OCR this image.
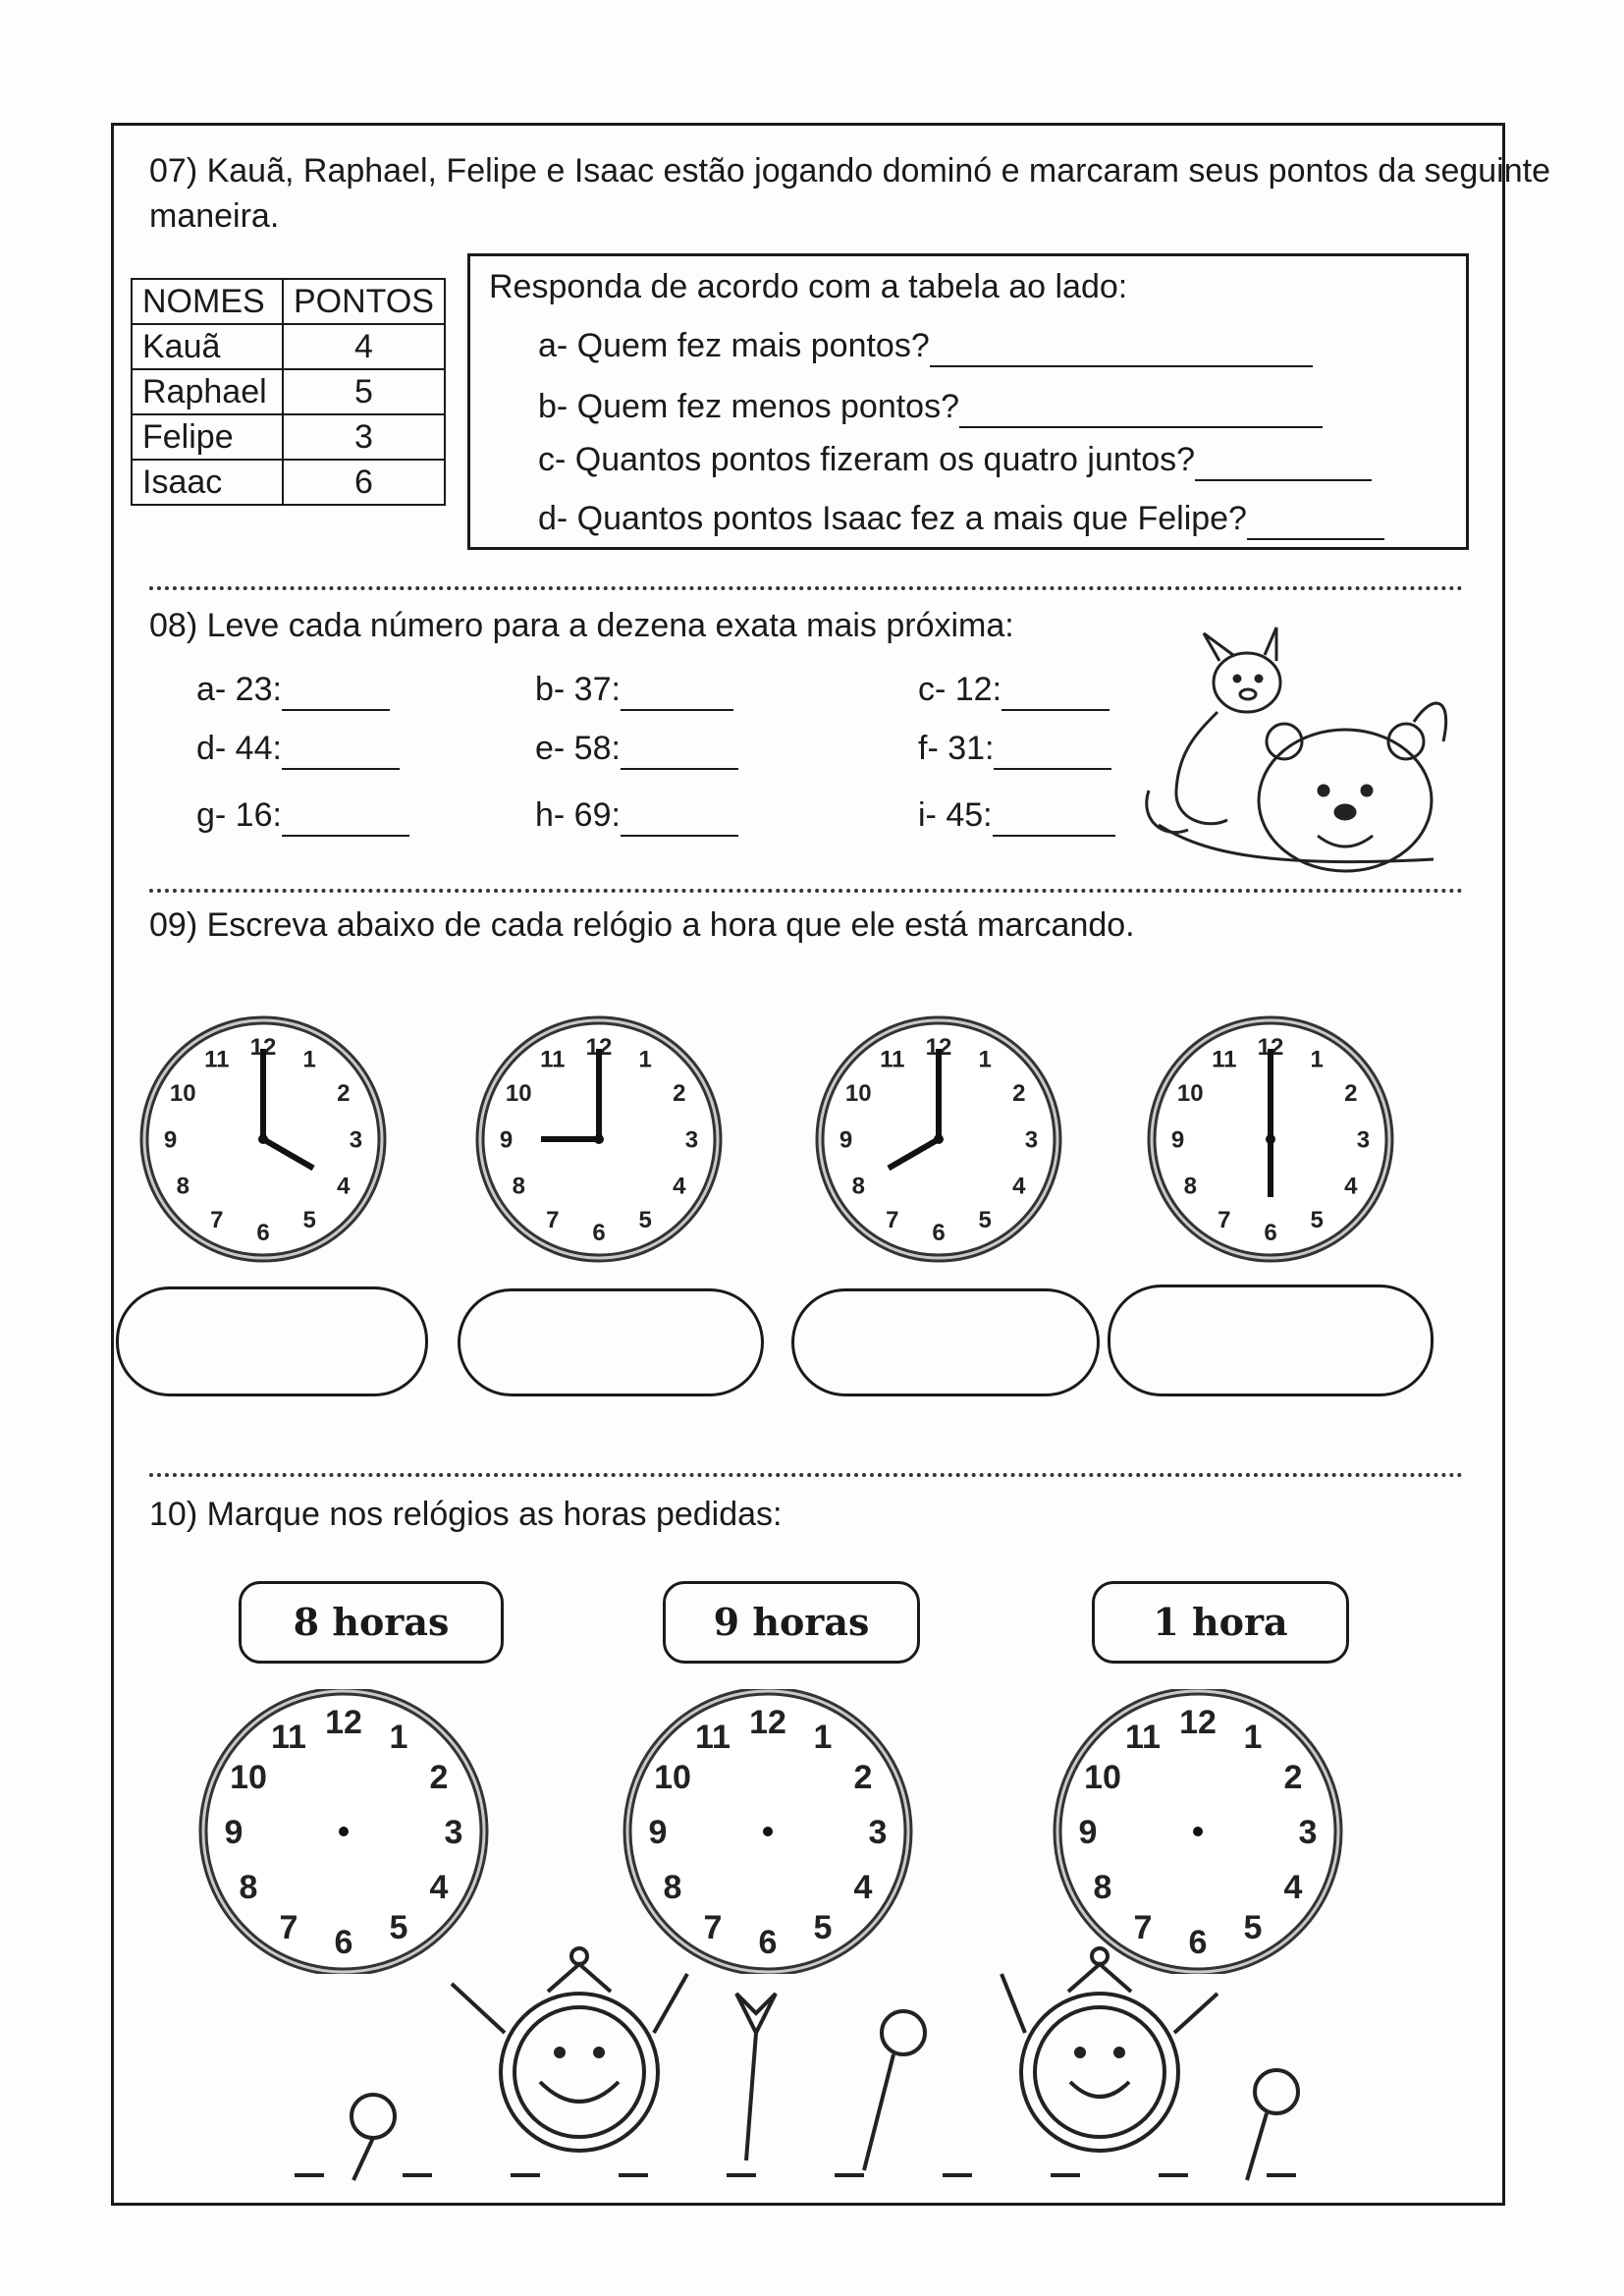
07) Kauã, Raphael, Felipe e Isaac estão jogando dominó e marcaram seus pontos da seguinte
maneira.
NOMES	PONTOS
Kauã	4
Raphael	5
Felipe	3
Isaac	6
Responda de acordo com a tabela ao lado:
a- Quem fez mais pontos?
b- Quem fez menos pontos?
c- Quantos pontos fizeram os quatro juntos?
d- Quantos pontos Isaac fez a mais que Felipe?
08) Leve cada número para a dezena exata mais próxima:
a- 23:	b- 37:	c- 12:
d- 44:	e- 58:	f- 31:
g- 16:	h- 69:	i- 45:
09) Escreva abaixo de cada relógio a hora que ele está marcando.
12 1
2
3
4
5
6
7
8
9
10
11	12 1
2
3
4
5
6
7
8
9
10
11	12 1
2
3
4
5
6
7
8
9
10
11	12 1
2
3
4
5
6
7
8
9
10
11
10) Marque nos relógios as horas pedidas:
8 horas	9 horas	1 hora
12 1
2
3
4
5
6
7
8
9
10
11	12 1
2
3
4
5
6
7
8
9
10
11	12 1
2
3
4
5
6
7
8
9
10
11
